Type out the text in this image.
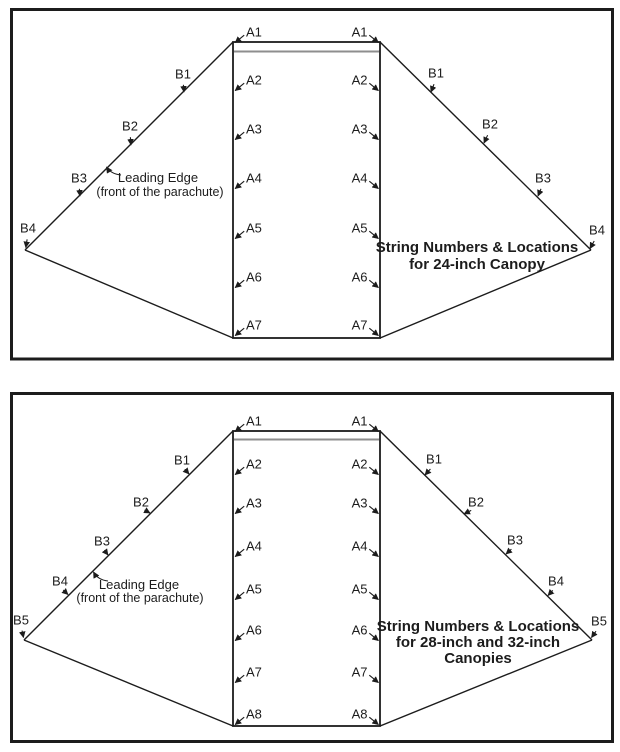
A1	A1
A2	A2
A3	A3
A4	A4
A5	A5
A6	A6
A7	A7
B1
B2
B3
B4
B1
B2
B3
B4
Leading Edge
(front of the parachute)
String Numbers & Locations
for 24-inch Canopy
A1	A1
A2	A2
A3	A3
A4	A4
A5	A5
A6	A6
A7	A7
A8	A8
B1
B2
B3
B4
B5
B1
B2
B3
B4
B5
Leading Edge
(front of the parachute)
String Numbers & Locations
for 28-inch and 32-inch
Canopies
